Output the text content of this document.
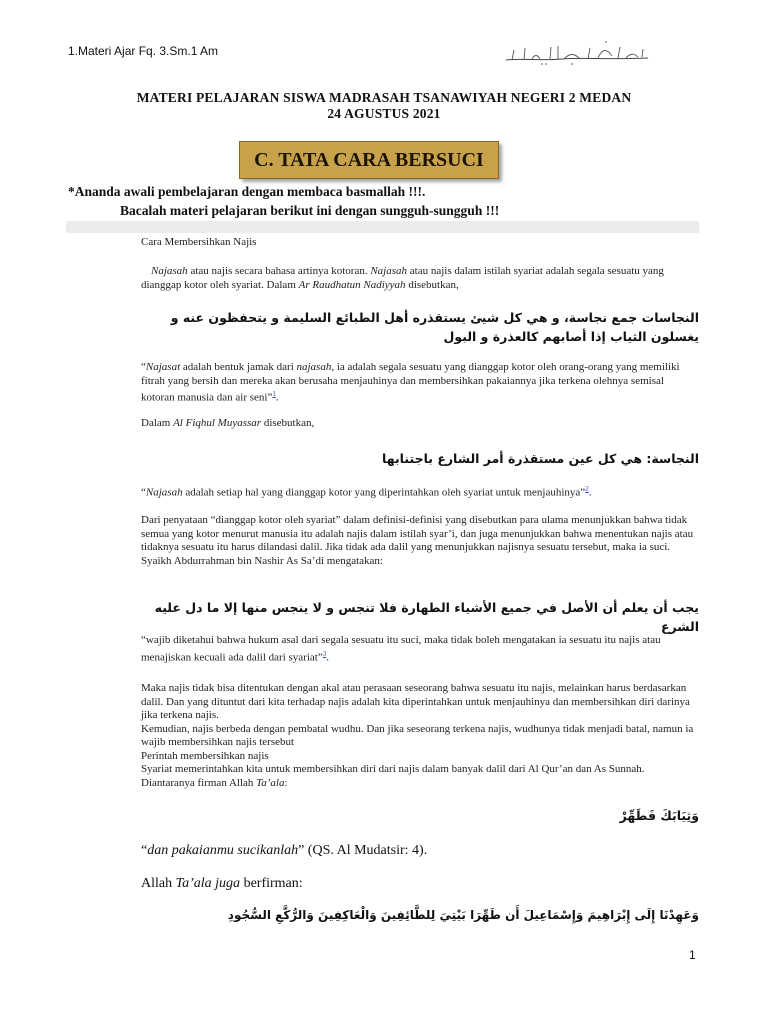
1.Materi Ajar Fq. 3.Sm.1 Am
MATERI PELAJARAN SISWA MADRASAH TSANAWIYAH NEGERI 2 MEDAN
24 AGUSTUS 2021
C. TATA CARA BERSUCI
*Ananda awali pembelajaran dengan membaca basmallah !!!.
Bacalah materi pelajaran berikut ini dengan sungguh-sungguh !!!
Cara Membersihkan Najis
Najasah atau najis secara bahasa artinya kotoran. Najasah atau najis dalam istilah syariat adalah segala sesuatu yang dianggap kotor oleh syariat. Dalam Ar Raudhatun Nadiyyah disebutkan,
النجاسات جمع نجاسة، و هي كل شيئ يستقذره أهل الطبائع السليمة و يتحفظون عنه و يغسلون الثياب إذا أصابهم كالعذرة و البول
“Najasat adalah bentuk jamak dari najasah, ia adalah segala sesuatu yang dianggap kotor oleh orang-orang yang memiliki fitrah yang bersih dan mereka akan berusaha menjauhinya dan membersihkan pakaiannya jika terkena olehnya semisal kotoran manusia dan air seni”$^1$.
Dalam Al Fiqhul Muyassar disebutkan,
النجاسة: هي كل عين مستقذرة أمر الشارع باجتنابها
“Najasah adalah setiap hal yang dianggap kotor yang diperintahkan oleh syariat untuk menjauhinya”$^2$.
Dari penyataan “dianggap kotor oleh syariat” dalam definisi-definisi yang disebutkan para ulama menunjukkan bahwa tidak semua yang kotor menurut manusia itu adalah najis dalam istilah syar’i, dan juga menunjukkan bahwa menentukan najis atau tidaknya sesuatu itu harus dilandasi dalil. Jika tidak ada dalil yang menunjukkan najisnya sesuatu tersebut, maka ia suci. Syaikh Abdurrahman bin Nashir As Sa’di mengatakan:
يجب أن يعلم أن الأصل في جميع الأشياء الطهارة فلا تنجس و لا ينجس منها إلا ما دل عليه الشرع
“wajib diketahui bahwa hukum asal dari segala sesuatu itu suci, maka tidak boleh mengatakan ia sesuatu itu najis atau menajiskan kecuali ada dalil dari syariat”$^3$.
Maka najis tidak bisa ditentukan dengan akal atau perasaan seseorang bahwa sesuatu itu najis, melainkan harus berdasarkan dalil. Dan yang dituntut dari kita terhadap najis adalah kita diperintahkan untuk menjauhinya dan membersihkan diri darinya jika terkena najis.
Kemudian, najis berbeda dengan pembatal wudhu. Dan jika seseorang terkena najis, wudhunya tidak menjadi batal, namun ia wajib membersihkan najis tersebut
Perintah membersihkan najis
Syariat memerintahkan kita untuk membersihkan diri dari najis dalam banyak dalil dari Al Qur’an dan As Sunnah. Diantaranya firman Allah Ta’ala:
وَثِيَابَكَ فَطَهِّرْ
“dan pakaianmu sucikanlah” (QS. Al Mudatsir: 4).
Allah Ta’ala juga berfirman:
وَعَهِدْنَا إِلَى إِبْرَاهِيمَ وَإِسْمَاعِيلَ أَن طَهِّرَا بَيْتِيَ لِلطَّائِفِينَ وَالْعَاكِفِينَ وَالرُّكَّعِ السُّجُودِ
1
